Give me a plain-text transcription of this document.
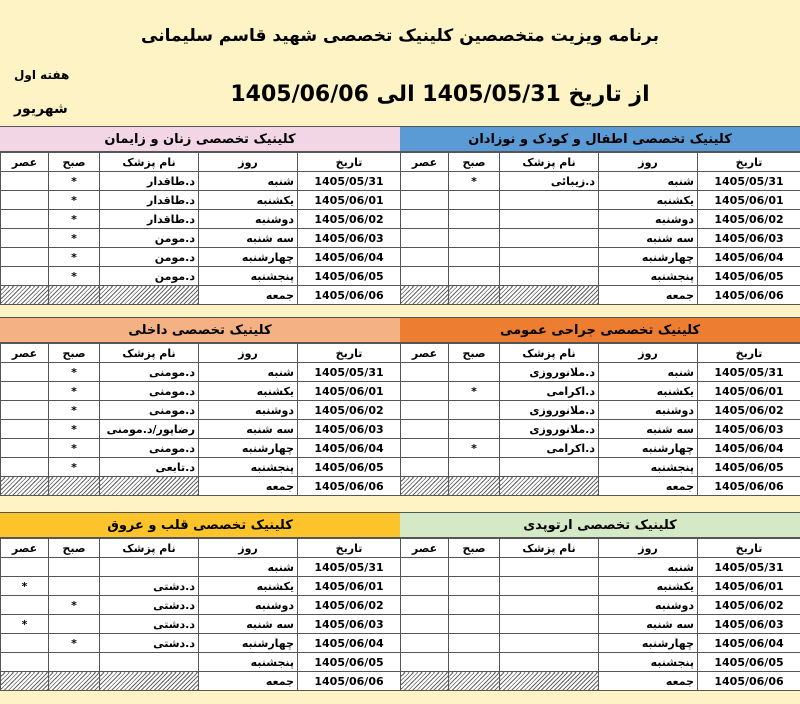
برنامه ویزیت متخصصین کلینیک تخصصی شهید قاسم سلیمانی
از تاریخ 1405/05/31 الی 1405/06/06
هفته اول
شهریور
کلینیک تخصصی اطفال و کودک و نوزادان
عصر	صبح	نام پزشک	روز	تاریخ
	*	د.زیبائی	شنبه	1405/05/31
			یکشنبه	1405/06/01
			دوشنبه	1405/06/02
			سه شنبه	1405/06/03
			چهارشنبه	1405/06/04
			پنجشنبه	1405/06/05
			جمعه	1405/06/06
کلینیک تخصصی زنان و زایمان
عصر	صبح	نام پزشک	روز	تاریخ
	*	د.طاقدار	شنبه	1405/05/31
	*	د.طاقدار	یکشنبه	1405/06/01
	*	د.طاقدار	دوشنبه	1405/06/02
	*	د.مومن	سه شنبه	1405/06/03
	*	د.مومن	چهارشنبه	1405/06/04
	*	د.مومن	پنجشنبه	1405/06/05
			جمعه	1405/06/06
کلینیک تخصصی جراحی عمومی
عصر	صبح	نام پزشک	روز	تاریخ
		د.ملانوروزی	شنبه	1405/05/31
	*	د.اکرامی	یکشنبه	1405/06/01
		د.ملانوروزی	دوشنبه	1405/06/02
		د.ملانوروزی	سه شنبه	1405/06/03
	*	د.اکرامی	چهارشنبه	1405/06/04
			پنجشنبه	1405/06/05
			جمعه	1405/06/06
کلینیک تخصصی داخلی
عصر	صبح	نام پزشک	روز	تاریخ
	*	د.مومنی	شنبه	1405/05/31
	*	د.مومنی	یکشنبه	1405/06/01
	*	د.مومنی	دوشنبه	1405/06/02
	*	رضاپور/د.مومنی	سه شنبه	1405/06/03
	*	د.مومنی	چهارشنبه	1405/06/04
	*	د.تابعی	پنجشنبه	1405/06/05
			جمعه	1405/06/06
کلینیک تخصصی ارتوپدی
عصر	صبح	نام پزشک	روز	تاریخ
			شنبه	1405/05/31
			یکشنبه	1405/06/01
			دوشنبه	1405/06/02
			سه شنبه	1405/06/03
			چهارشنبه	1405/06/04
			پنجشنبه	1405/06/05
			جمعه	1405/06/06
کلینیک تخصصی قلب و عروق
عصر	صبح	نام پزشک	روز	تاریخ
			شنبه	1405/05/31
*		د.دشتی	یکشنبه	1405/06/01
	*	د.دشتی	دوشنبه	1405/06/02
*		د.دشتی	سه شنبه	1405/06/03
	*	د.دشتی	چهارشنبه	1405/06/04
			پنجشنبه	1405/06/05
			جمعه	1405/06/06
